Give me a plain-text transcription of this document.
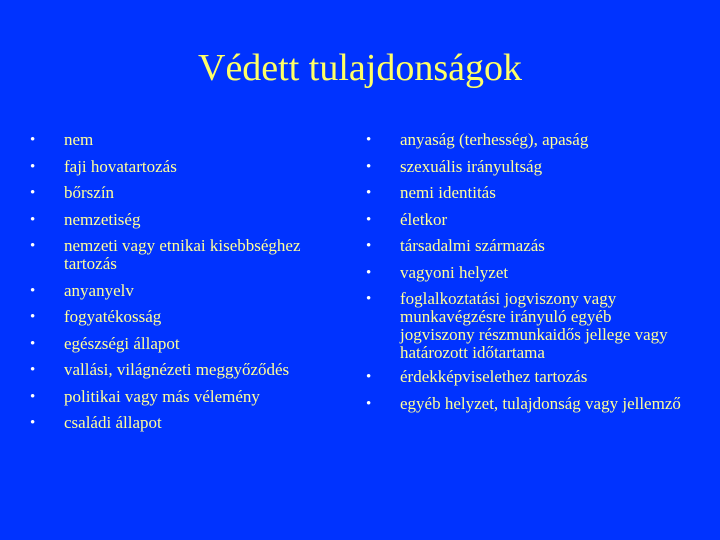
Védett tulajdonságok
•	nem
•	faji hovatartozás
•	bőrszín
•	nemzetiség
•	nemzeti vagy etnikai kisebbséghez tartozás
•	anyanyelv
•	fogyatékosság
•	egészségi állapot
•	vallási, világnézeti meggyőződés
•	politikai vagy más vélemény
•	családi állapot
•	anyaság (terhesség), apaság
•	szexuális irányultság
•	nemi identitás
•	életkor
•	társadalmi származás
•	vagyoni helyzet
•	foglalkoztatási jogviszony vagy munkavégzésre irányuló egyéb jogviszony részmunkaidős jellege vagy határozott időtartama
•	érdekképviselethez tartozás
•	egyéb helyzet, tulajdonság vagy jellemző
